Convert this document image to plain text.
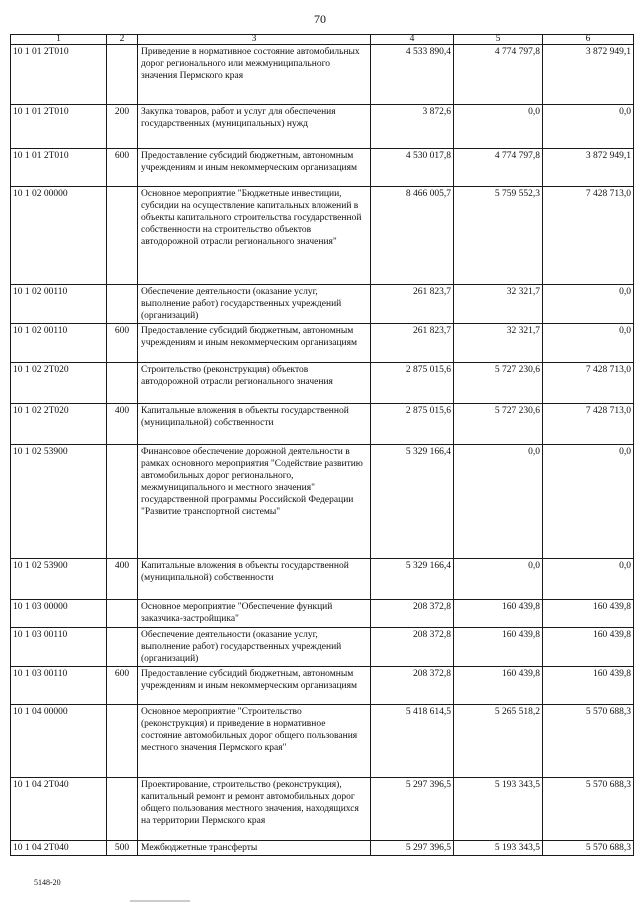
70
1	2	3	4	5	6
10 1 01 2Т010		Приведение в нормативное состояние автомобильных дорог регионального или межмуниципального значения Пермского края	4 533 890,4	4 774 797,8	3 872 949,1
10 1 01 2Т010	200	Закупка товаров, работ и услуг для обеспечения государственных (муниципальных) нужд	3 872,6	0,0	0,0
10 1 01 2Т010	600	Предоставление субсидий бюджетным, автономным учреждениям и иным некоммерческим организациям	4 530 017,8	4 774 797,8	3 872 949,1
10 1 02 00000		Основное мероприятие "Бюджетные инвестиции, субсидии на осуществление капитальных вложений в объекты капитального строительства государственной собственности на строительство объектов автодорожной отрасли регионального значения"	8 466 005,7	5 759 552,3	7 428 713,0
10 1 02 00110		Обеспечение деятельности (оказание услуг, выполнение работ) государственных учреждений (организаций)	261 823,7	32 321,7	0,0
10 1 02 00110	600	Предоставление субсидий бюджетным, автономным учреждениям и иным некоммерческим организациям	261 823,7	32 321,7	0,0
10 1 02 2Т020		Строительство (реконструкция) объектов автодорожной отрасли регионального значения	2 875 015,6	5 727 230,6	7 428 713,0
10 1 02 2Т020	400	Капитальные вложения в объекты государственной (муниципальной) собственности	2 875 015,6	5 727 230,6	7 428 713,0
10 1 02 53900		Финансовое обеспечение дорожной деятельности в рамках основного мероприятия "Содействие развитию автомобильных дорог регионального, межмуниципального и местного значения" государственной программы Российской Федерации "Развитие транспортной системы"	5 329 166,4	0,0	0,0
10 1 02 53900	400	Капитальные вложения в объекты государственной (муниципальной) собственности	5 329 166,4	0,0	0,0
10 1 03 00000		Основное мероприятие "Обеспечение функций заказчика-застройщика"	208 372,8	160 439,8	160 439,8
10 1 03 00110		Обеспечение деятельности (оказание услуг, выполнение работ) государственных учреждений (организаций)	208 372,8	160 439,8	160 439,8
10 1 03 00110	600	Предоставление субсидий бюджетным, автономным учреждениям и иным некоммерческим организациям	208 372,8	160 439,8	160 439,8
10 1 04 00000		Основное мероприятие "Строительство (реконструкция) и приведение в нормативное состояние автомобильных дорог общего пользования местного значения Пермского края"	5 418 614,5	5 265 518,2	5 570 688,3
10 1 04 2Т040		Проектирование, строительство (реконструкция), капитальный ремонт и ремонт автомобильных дорог общего пользования местного значения, находящихся на территории Пермского края	5 297 396,5	5 193 343,5	5 570 688,3
10 1 04 2Т040	500	Межбюджетные трансферты	5 297 396,5	5 193 343,5	5 570 688,3
5148-20
